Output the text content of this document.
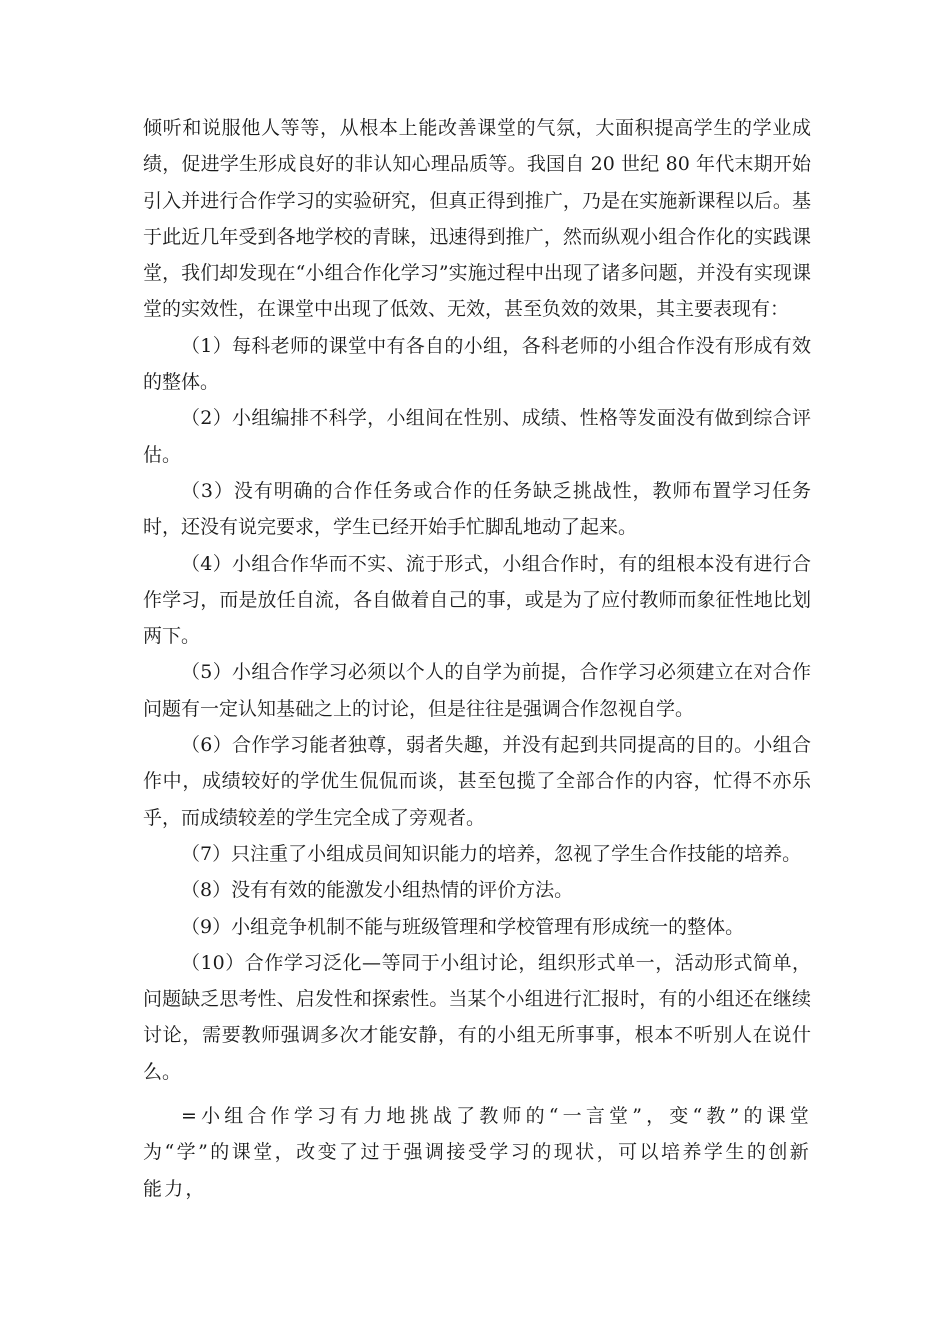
倾听和说服他人等等，从根本上能改善课堂的气氛，大面积提高学生的学业成绩，促进学生形成良好的非认知心理品质等。我国自 20 世纪 80 年代末期开始引入并进行合作学习的实验研究，但真正得到推广，乃是在实施新课程以后。基于此近几年受到各地学校的青睐，迅速得到推广，然而纵观小组合作化的实践课堂，我们却发现在“小组合作化学习”实施过程中出现了诸多问题，并没有实现课堂的实效性，在课堂中出现了低效、无效，甚至负效的效果，其主要表现有：

（1）每科老师的课堂中有各自的小组，各科老师的小组合作没有形成有效的整体。

（2）小组编排不科学，小组间在性别、成绩、性格等发面没有做到综合评估。

（3）没有明确的合作任务或合作的任务缺乏挑战性，教师布置学习任务时，还没有说完要求，学生已经开始手忙脚乱地动了起来。

（4）小组合作华而不实、流于形式，小组合作时，有的组根本没有进行合作学习，而是放任自流，各自做着自己的事，或是为了应付教师而象征性地比划两下。

（5）小组合作学习必须以个人的自学为前提，合作学习必须建立在对合作问题有一定认知基础之上的讨论，但是往往是强调合作忽视自学。

（6）合作学习能者独尊，弱者失趣，并没有起到共同提高的目的。小组合作中，成绩较好的学优生侃侃而谈，甚至包揽了全部合作的内容，忙得不亦乐乎，而成绩较差的学生完全成了旁观者。

（7）只注重了小组成员间知识能力的培养，忽视了学生合作技能的培养。

（8）没有有效的能激发小组热情的评价方法。

（9）小组竞争机制不能与班级管理和学校管理有形成统一的整体。

（10）合作学习泛化—等同于小组讨论，组织形式单一，活动形式简单，问题缺乏思考性、启发性和探索性。当某个小组进行汇报时，有的小组还在继续讨论，需要教师强调多次才能安静，有的小组无所事事，根本不听别人在说什么。

=小组合作学习有力地挑战了教师的“一言堂”，变“教”的课堂为“学”的课堂，改变了过于强调接受学习的现状，可以培养学生的创新能力，
